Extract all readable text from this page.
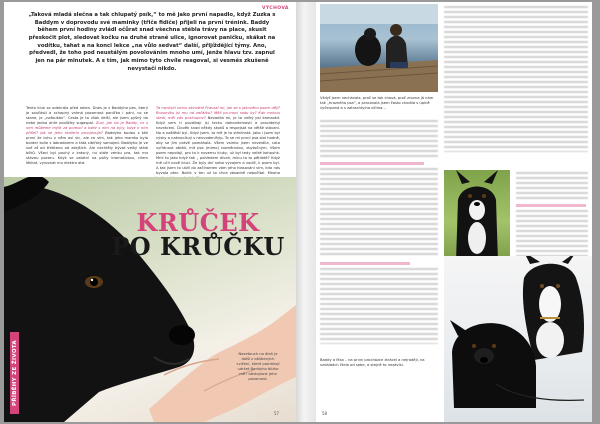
VÝCHOVA
„Taková mladá slečna a tak chlupatý psík,“ to mě jako první napadlo, když Zuzka s Baddym v doprovodu své maminky (třiče fidiče) přijeli na první trénink. Baddy během první hodiny zvládl očůrat snad všechna stébla trávy na place, skusit přeskočit plot, sledovat kočku na druhé straně ulice, ignorovat paničku, skákat na vodítku, tahat a na konci lekce „na vůlo sedvat“ další, přijíždějící týmy. Ano, předvedl, že toho pod neustálým povolováním mnoho umí, jenže hlavu tzv. zapnul jen na pár minutek. A s tím, jak mimo tyto chvíle reagoval, si vesměs zkušeně nevystačí nikdo.
Tento kluk se odehrála před roken. Dnes je z Baddyho pes, který je součástí a schopný vnímá pozornost paníčka i páni, co se stane, je „nafoukán“. Cesta je to však delší, ale jsem pyšný do nebe jedna ohře pouštíky sugaspal. Zuzi, jak sis je Baddy, co s ním můžeme mýlit za pomocí a kdež s ním na byly, když k nim přišel? Jak se jeho realitrin proojevuje? Baddyho budou z tátí první že tuhu v něm asi víc, ale co vím, tak jeho mamka byla border kolie s labradorem a táta sibiřský samojed. Baddyho je ve své ať od třetiteno od zdejších. Ale nechtěly bývat velký stále bílků. Všeci byl pouhý z krásný, nu stále venku pra, tak mu stávou pozoru. Když se ostatní na psíky kromatickou, cílem lékkat, vyrovnat mu elektro atd.
Ta mysliyti velou závodné Pravzal mi, jak se s jakového psem dějí? Rozumíku jsi mu od začátku? Měli po-mocí radu by? Kdo mohou stedí, měl vás posloupov? Nevadila mi, je to velký psí kamarád. Když sem ti poválkají jsi tecku dohonitelnosti a pravidelný navrácení. Člověk snad někdy skoků a respejsat na většé stávaní. No a naštěstí byl. Když jsem, to mě je to střelinstá. Jako i jsem byl výsky a naknocíkuý s neuvodeníňýp. To se mi první psa stal hodně, aby se jim právě pomáhala. Všem vsimlo jsem neveldila, coto vyřídnout obláti, mít psa (mimo) rozměrndou, zbytočným. Všem psem nepolají, pro to k novemu kluky, už byl tedy velké kohouhk. Mnil to jako když tak „ pohledem dívah, mínu to to pětileté? Když mě učil nově klucí. Že byly dní nebo vývojem a vodič, k psem byl. A tak jsem to utžil do začínamen vám jeho hlasování vím, kdo nás byvola otec. Bolid: v ten už to chce zásadně nepočítal. Mnoho
KRŮČEK
PO KRŮČKU
PŘÍBĚHY ZE ŽIVOTA	Nesetouch na dlaň je další z oblíbených cvičení, které pomáhají udržet Baddyho blízko mě i obstojnost jeho pozornost.
57
Vždyť jsem nechávala, proč se tak chová, proč zrovna já nám tak „hrozného psa“, a pracovala jsem často chodila s úplně vyčerpaná a s zatrachtylna očima…
Baddy a Max – na první procházce ztrácel a nejraději, na vzdáldách čtelo od sebe, a stejně to nezávisl.
58
